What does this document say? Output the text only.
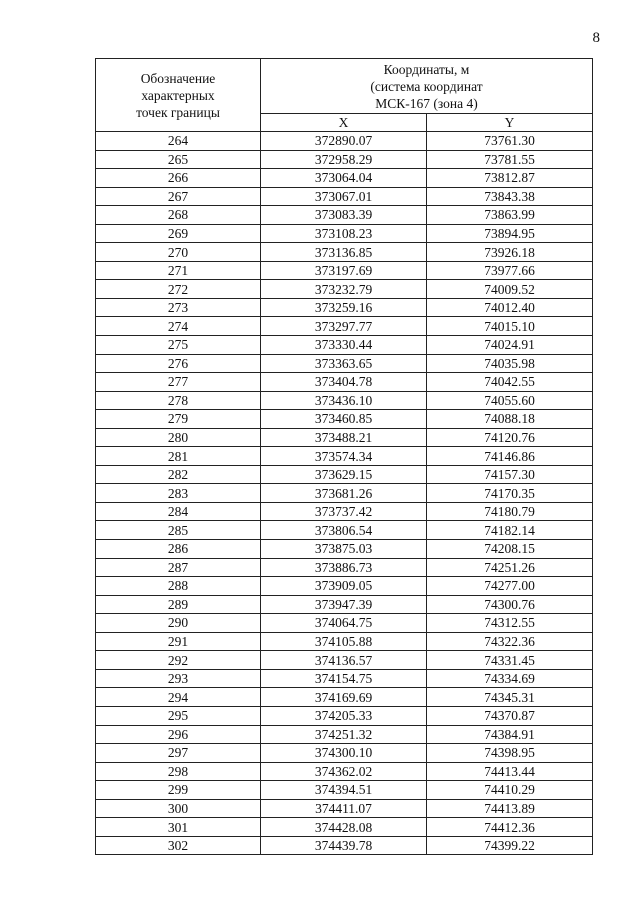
8
Обозначение
характерных
точек границы	Координаты, м
(система координат
МСК-167 (зона 4)	

	X	Y
264	372890.07	73761.30
265	372958.29	73781.55
266	373064.04	73812.87
267	373067.01	73843.38
268	373083.39	73863.99
269	373108.23	73894.95
270	373136.85	73926.18
271	373197.69	73977.66
272	373232.79	74009.52
273	373259.16	74012.40
274	373297.77	74015.10
275	373330.44	74024.91
276	373363.65	74035.98
277	373404.78	74042.55
278	373436.10	74055.60
279	373460.85	74088.18
280	373488.21	74120.76
281	373574.34	74146.86
282	373629.15	74157.30
283	373681.26	74170.35
284	373737.42	74180.79
285	373806.54	74182.14
286	373875.03	74208.15
287	373886.73	74251.26
288	373909.05	74277.00
289	373947.39	74300.76
290	374064.75	74312.55
291	374105.88	74322.36
292	374136.57	74331.45
293	374154.75	74334.69
294	374169.69	74345.31
295	374205.33	74370.87
296	374251.32	74384.91
297	374300.10	74398.95
298	374362.02	74413.44
299	374394.51	74410.29
300	374411.07	74413.89
301	374428.08	74412.36
302	374439.78	74399.22
